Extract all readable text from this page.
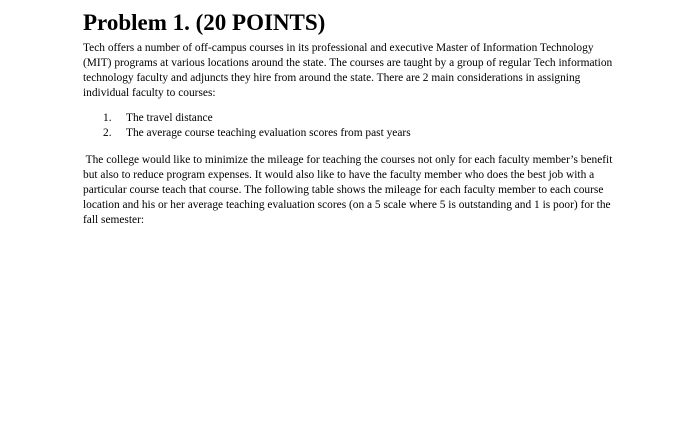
Problem 1. (20 POINTS)

Tech offers a number of off-campus courses in its professional and executive Master of Information Technology

(MIT) programs at various locations around the state. The courses are taught by a group of regular Tech information

technology faculty and adjuncts they hire from around the state. There are 2 main considerations in assigning

individual faculty to courses:

1.	The travel distance
2.	The average course teaching evaluation scores from past years

The college would like to minimize the mileage for teaching the courses not only for each faculty member’s benefit

but also to reduce program expenses. It would also like to have the faculty member who does the best job with a

particular course teach that course. The following table shows the mileage for each faculty member to each course

location and his or her average teaching evaluation scores (on a 5 scale where 5 is outstanding and 1 is poor) for the

fall semester:
